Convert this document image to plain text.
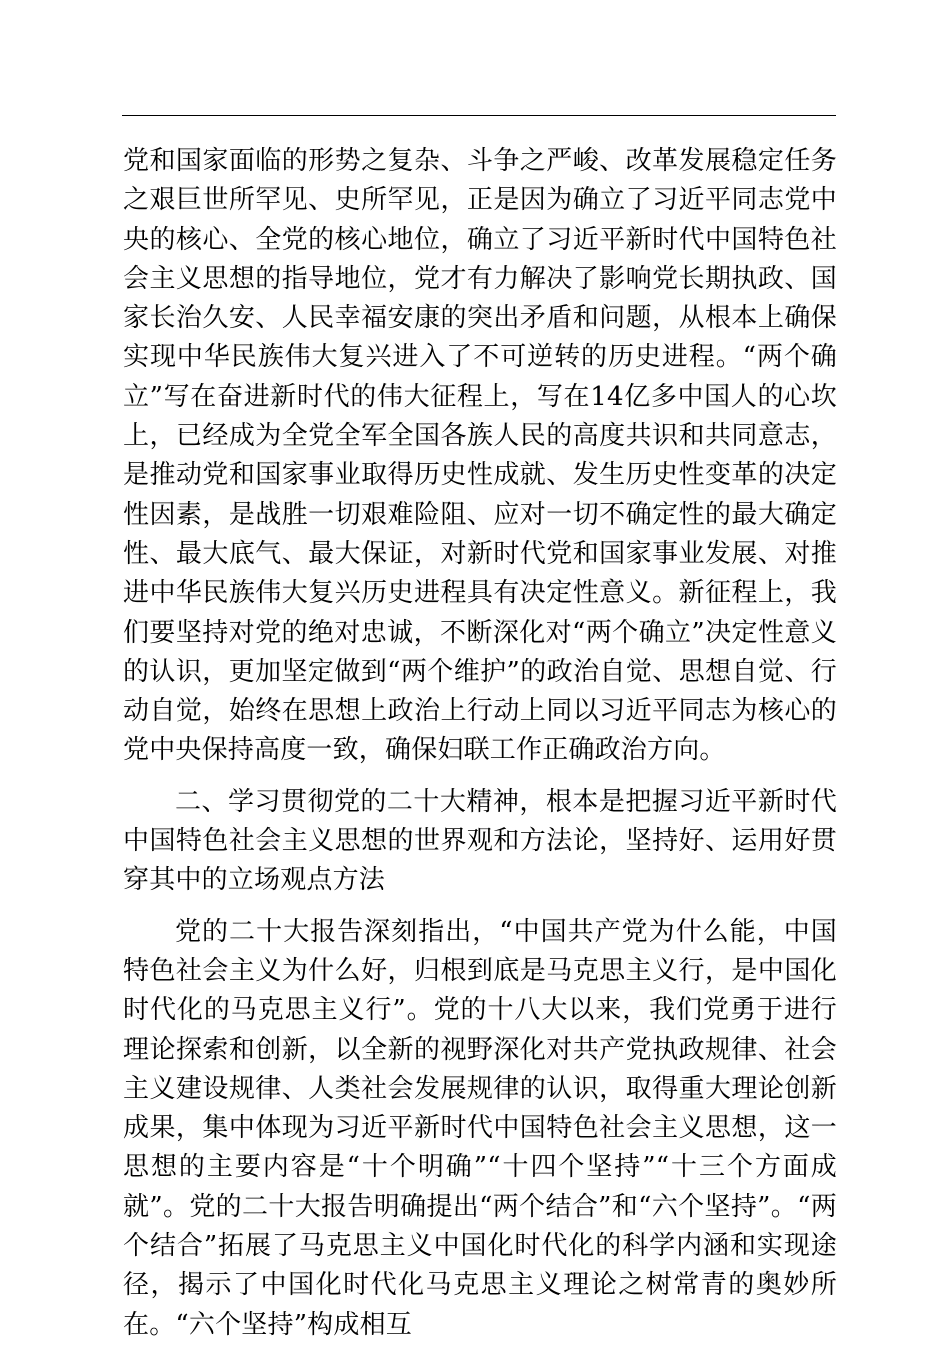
党和国家面临的形势之复杂、斗争之严峻、改革发展稳定任务之艰巨世所罕见、史所罕见，正是因为确立了习近平同志党中央的核心、全党的核心地位，确立了习近平新时代中国特色社会主义思想的指导地位，党才有力解决了影响党长期执政、国家长治久安、人民幸福安康的突出矛盾和问题，从根本上确保实现中华民族伟大复兴进入了不可逆转的历史进程。“两个确立”写在奋进新时代的伟大征程上，写在14亿多中国人的心坎上，已经成为全党全军全国各族人民的高度共识和共同意志，是推动党和国家事业取得历史性成就、发生历史性变革的决定性因素，是战胜一切艰难险阻、应对一切不确定性的最大确定性、最大底气、最大保证，对新时代党和国家事业发展、对推进中华民族伟大复兴历史进程具有决定性意义。新征程上，我们要坚持对党的绝对忠诚，不断深化对“两个确立”决定性意义的认识，更加坚定做到“两个维护”的政治自觉、思想自觉、行动自觉，始终在思想上政治上行动上同以习近平同志为核心的党中央保持高度一致，确保妇联工作正确政治方向。

二、学习贯彻党的二十大精神，根本是把握习近平新时代中国特色社会主义思想的世界观和方法论，坚持好、运用好贯穿其中的立场观点方法

党的二十大报告深刻指出，“中国共产党为什么能，中国特色社会主义为什么好，归根到底是马克思主义行，是中国化时代化的马克思主义行”。党的十八大以来，我们党勇于进行理论探索和创新，以全新的视野深化对共产党执政规律、社会主义建设规律、人类社会发展规律的认识，取得重大理论创新成果，集中体现为习近平新时代中国特色社会主义思想，这一思想的主要内容是“十个明确”“十四个坚持”“十三个方面成就”。党的二十大报告明确提出“两个结合”和“六个坚持”。“两个结合”拓展了马克思主义中国化时代化的科学内涵和实现途径，揭示了中国化时代化马克思主义理论之树常青的奥妙所在。“六个坚持”构成相互
